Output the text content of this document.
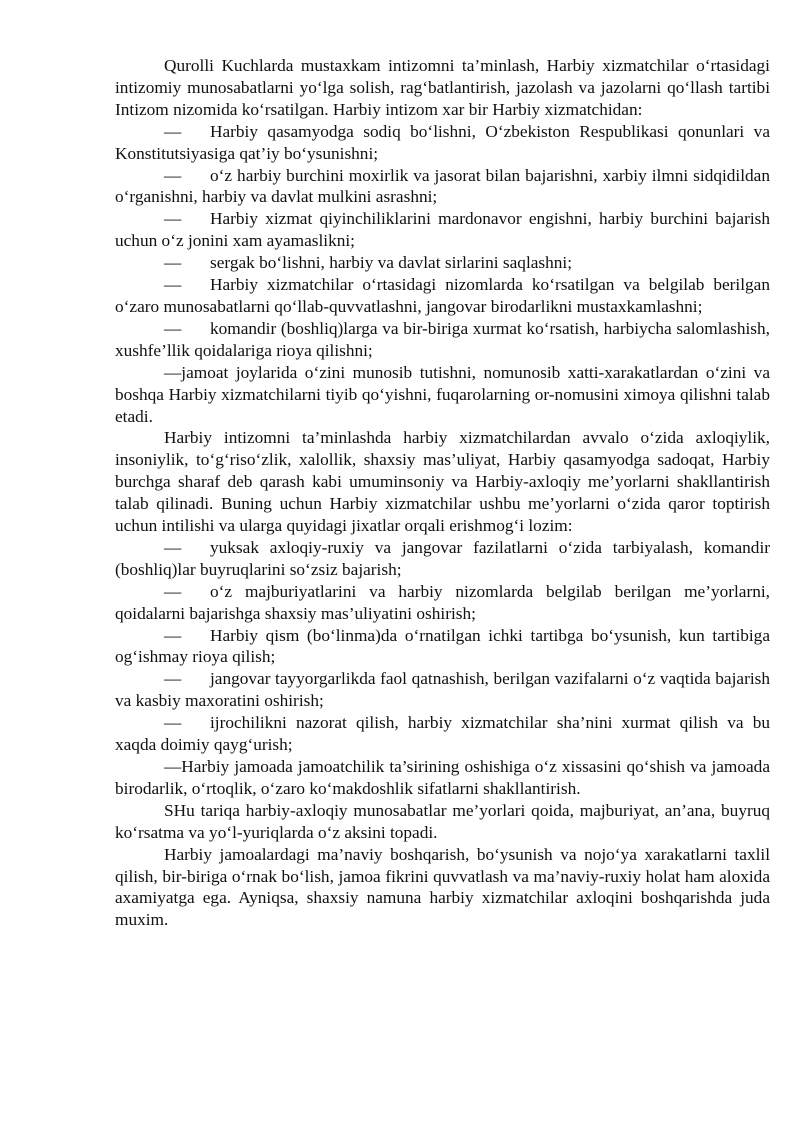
Qurolli Kuchlarda mustaxkam intizomni ta’minlash, Harbiy xizmatchilar o‘rtasidagi intizomiy munosabatlarni yo‘lga solish, rag‘batlantirish, jazolash va jazolarni qo‘llash tartibi Intizom nizomida ko‘rsatilgan. Harbiy intizom xar bir Harbiy xizmatchidan:

— Harbiy qasamyodga sodiq bo‘lishni, O‘zbekiston Respublikasi qonunlari va Konstitutsiyasiga qat’iy bo‘ysunishni;

— o‘z harbiy burchini moxirlik va jasorat bilan bajarishni, xarbiy ilmni sidqidildan o‘rganishni, harbiy va davlat mulkini asrashni;

— Harbiy xizmat qiyinchiliklarini mardonavor engishni, harbiy burchini bajarish uchun o‘z jonini xam ayamaslikni;

— sergak bo‘lishni, harbiy va davlat sirlarini saqlashni;

— Harbiy xizmatchilar o‘rtasidagi nizomlarda ko‘rsatilgan va belgilab berilgan o‘zaro munosabatlarni qo‘llab-quvvatlashni, jangovar birodarlikni mustaxkamlashni;

— komandir (boshliq)larga va bir-biriga xurmat ko‘rsatish, harbiycha salomlashish, xushfe’llik qoidalariga rioya qilishni;

—jamoat joylarida o‘zini munosib tutishni, nomunosib xatti-xarakatlardan o‘zini va boshqa Harbiy xizmatchilarni tiyib qo‘yishni, fuqarolarning or-nomusini ximoya qilishni talab etadi.

Harbiy intizomni ta’minlashda harbiy xizmatchilardan avvalo o‘zida axloqiylik, insoniylik, to‘g‘riso‘zlik, xalollik, shaxsiy mas’uliyat, Harbiy qasamyodga sadoqat, Harbiy burchga sharaf deb qarash kabi umuminsoniy va Harbiy-axloqiy me’yorlarni shakllantirish talab qilinadi. Buning uchun Harbiy xizmatchilar ushbu me’yorlarni o‘zida qaror toptirish uchun intilishi va ularga quyidagi jixatlar orqali erishmog‘i lozim:

— yuksak axloqiy-ruxiy va jangovar fazilatlarni o‘zida tarbiyalash, komandir (boshliq)lar buyruqlarini so‘zsiz bajarish;

— o‘z majburiyatlarini va harbiy nizomlarda belgilab berilgan me’yorlarni, qoidalarni bajarishga shaxsiy mas’uliyatini oshirish;

— Harbiy qism (bo‘linma)da o‘rnatilgan ichki tartibga bo‘ysunish, kun tartibiga og‘ishmay rioya qilish;

— jangovar tayyorgarlikda faol qatnashish, berilgan vazifalarni o‘z vaqtida bajarish va kasbiy maxoratini oshirish;

— ijrochilikni nazorat qilish, harbiy xizmatchilar sha’nini xurmat qilish va bu xaqda doimiy qayg‘urish;

—Harbiy jamoada jamoatchilik ta’sirining oshishiga o‘z xissasini qo‘shish va jamoada birodarlik, o‘rtoqlik, o‘zaro ko‘makdoshlik sifatlarni shakllantirish.

SHu tariqa harbiy-axloqiy munosabatlar me’yorlari qoida, majburiyat, an’ana, buyruq ko‘rsatma va yo‘l-yuriqlarda o‘z aksini topadi.

Harbiy jamoalardagi ma’naviy boshqarish, bo‘ysunish va nojo‘ya xarakatlarni taxlil qilish, bir-biriga o‘rnak bo‘lish, jamoa fikrini quvvatlash va ma’naviy-ruxiy holat ham aloxida axamiyatga ega. Ayniqsa, shaxsiy namuna harbiy xizmatchilar axloqini boshqarishda juda muxim.
